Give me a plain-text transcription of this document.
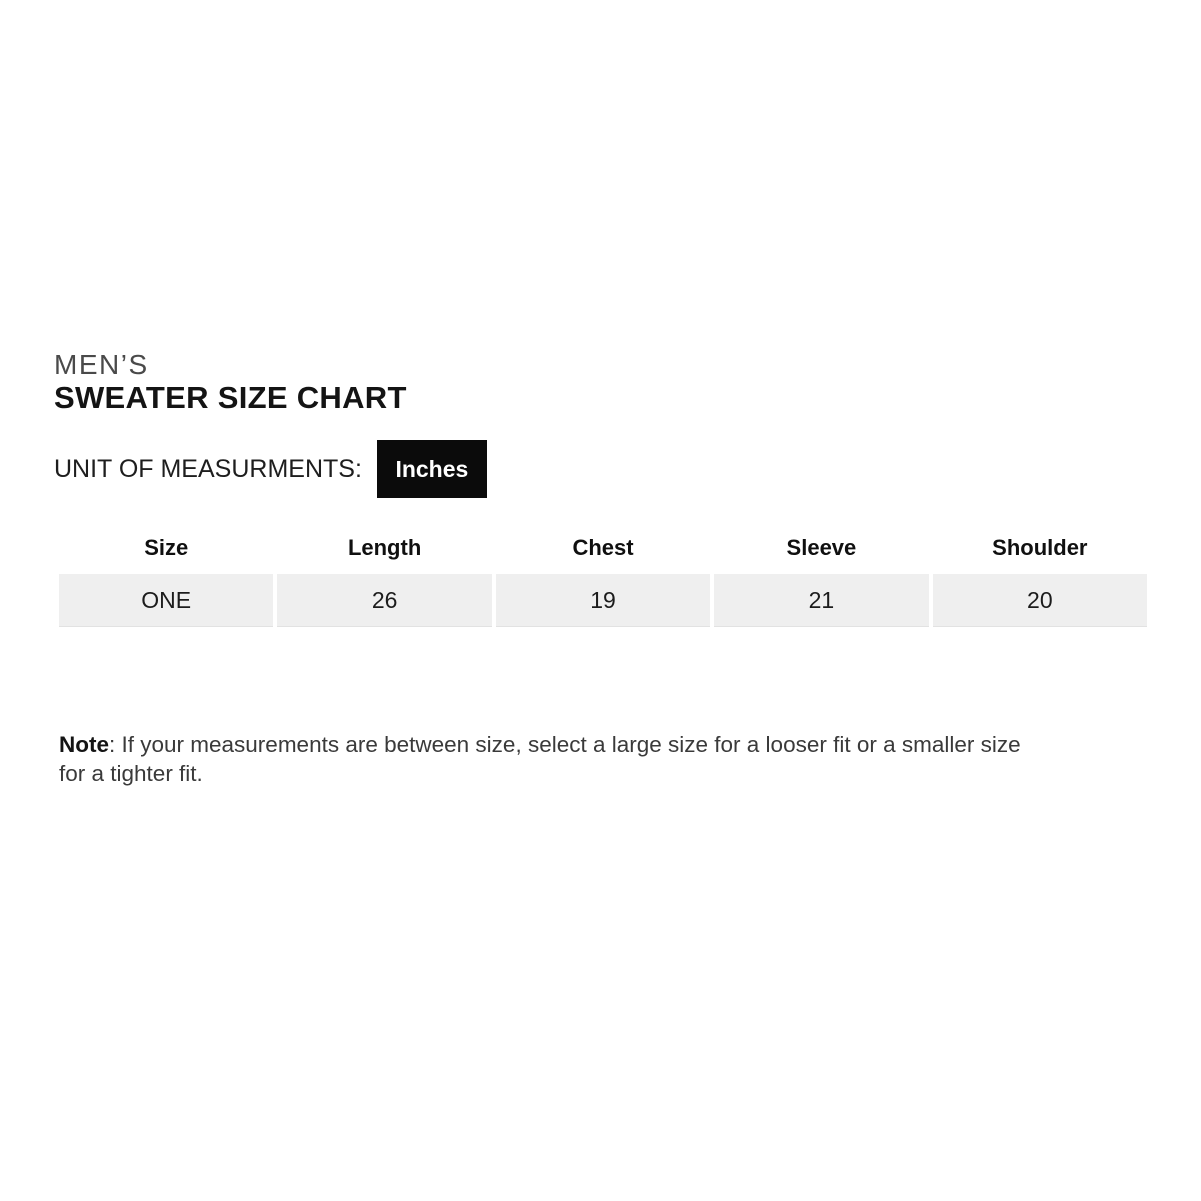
MEN’S
SWEATER SIZE CHART
UNIT OF MEASURMENTS:	Inches
Size	Length	Chest	Sleeve	Shoulder
ONE	26	19	21	20

Note: If your measurements are between size, select a large size for a looser fit or a smaller size
for a tighter fit.
